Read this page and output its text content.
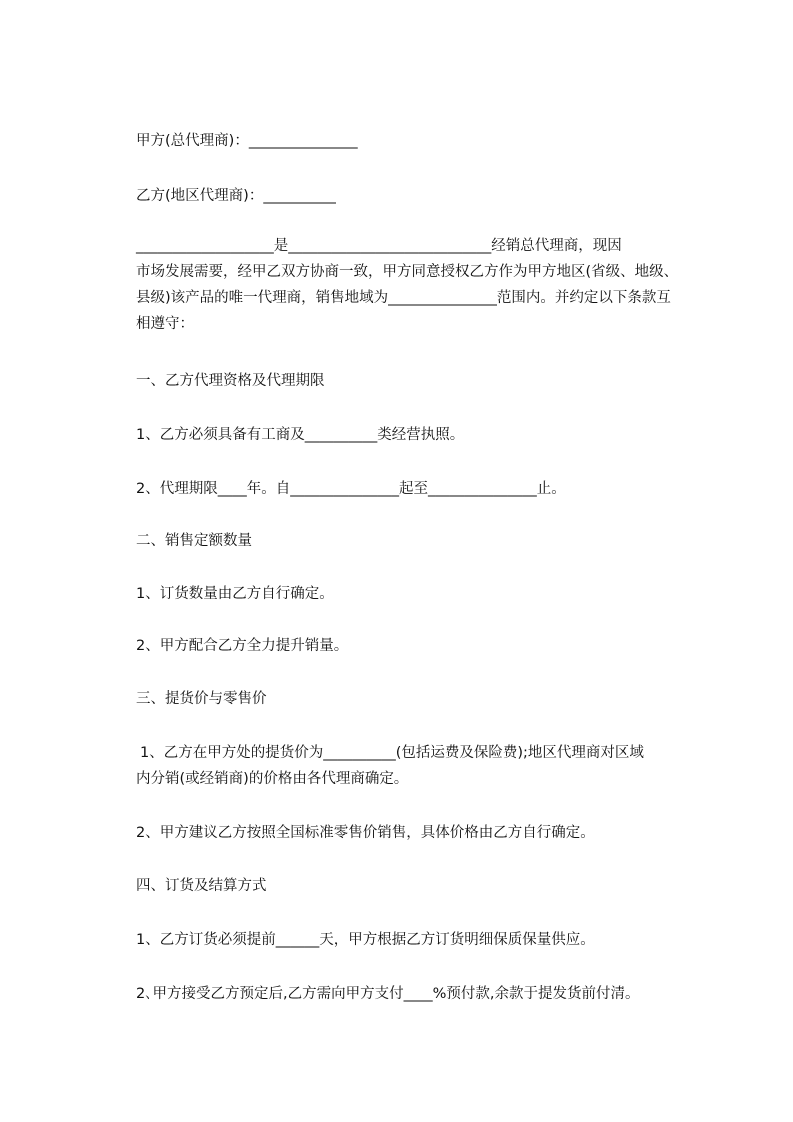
甲方(总代理商)：_______________
乙方(地区代理商)：__________
___________________是____________________________经销总代理商，现因
市场发展需要，经甲乙双方协商一致，甲方同意授权乙方作为甲方地区(省级、地级、
县级)该产品的唯一代理商，销售地域为_______________范围内。并约定以下条款互
相遵守：
一、乙方代理资格及代理期限
1、乙方必须具备有工商及__________类经营执照。
2、代理期限____年。自_______________起至_______________止。
二、销售定额数量
1、订货数量由乙方自行确定。
2、甲方配合乙方全力提升销量。
三、提货价与零售价
1、乙方在甲方处的提货价为__________(包括运费及保险费);地区代理商对区域
内分销(或经销商)的价格由各代理商确定。
2、甲方建议乙方按照全国标准零售价销售，具体价格由乙方自行确定。
四、订货及结算方式
1、乙方订货必须提前______天，甲方根据乙方订货明细保质保量供应。
2､甲方接受乙方预定后,乙方需向甲方支付____%预付款,余款于提发货前付清。
